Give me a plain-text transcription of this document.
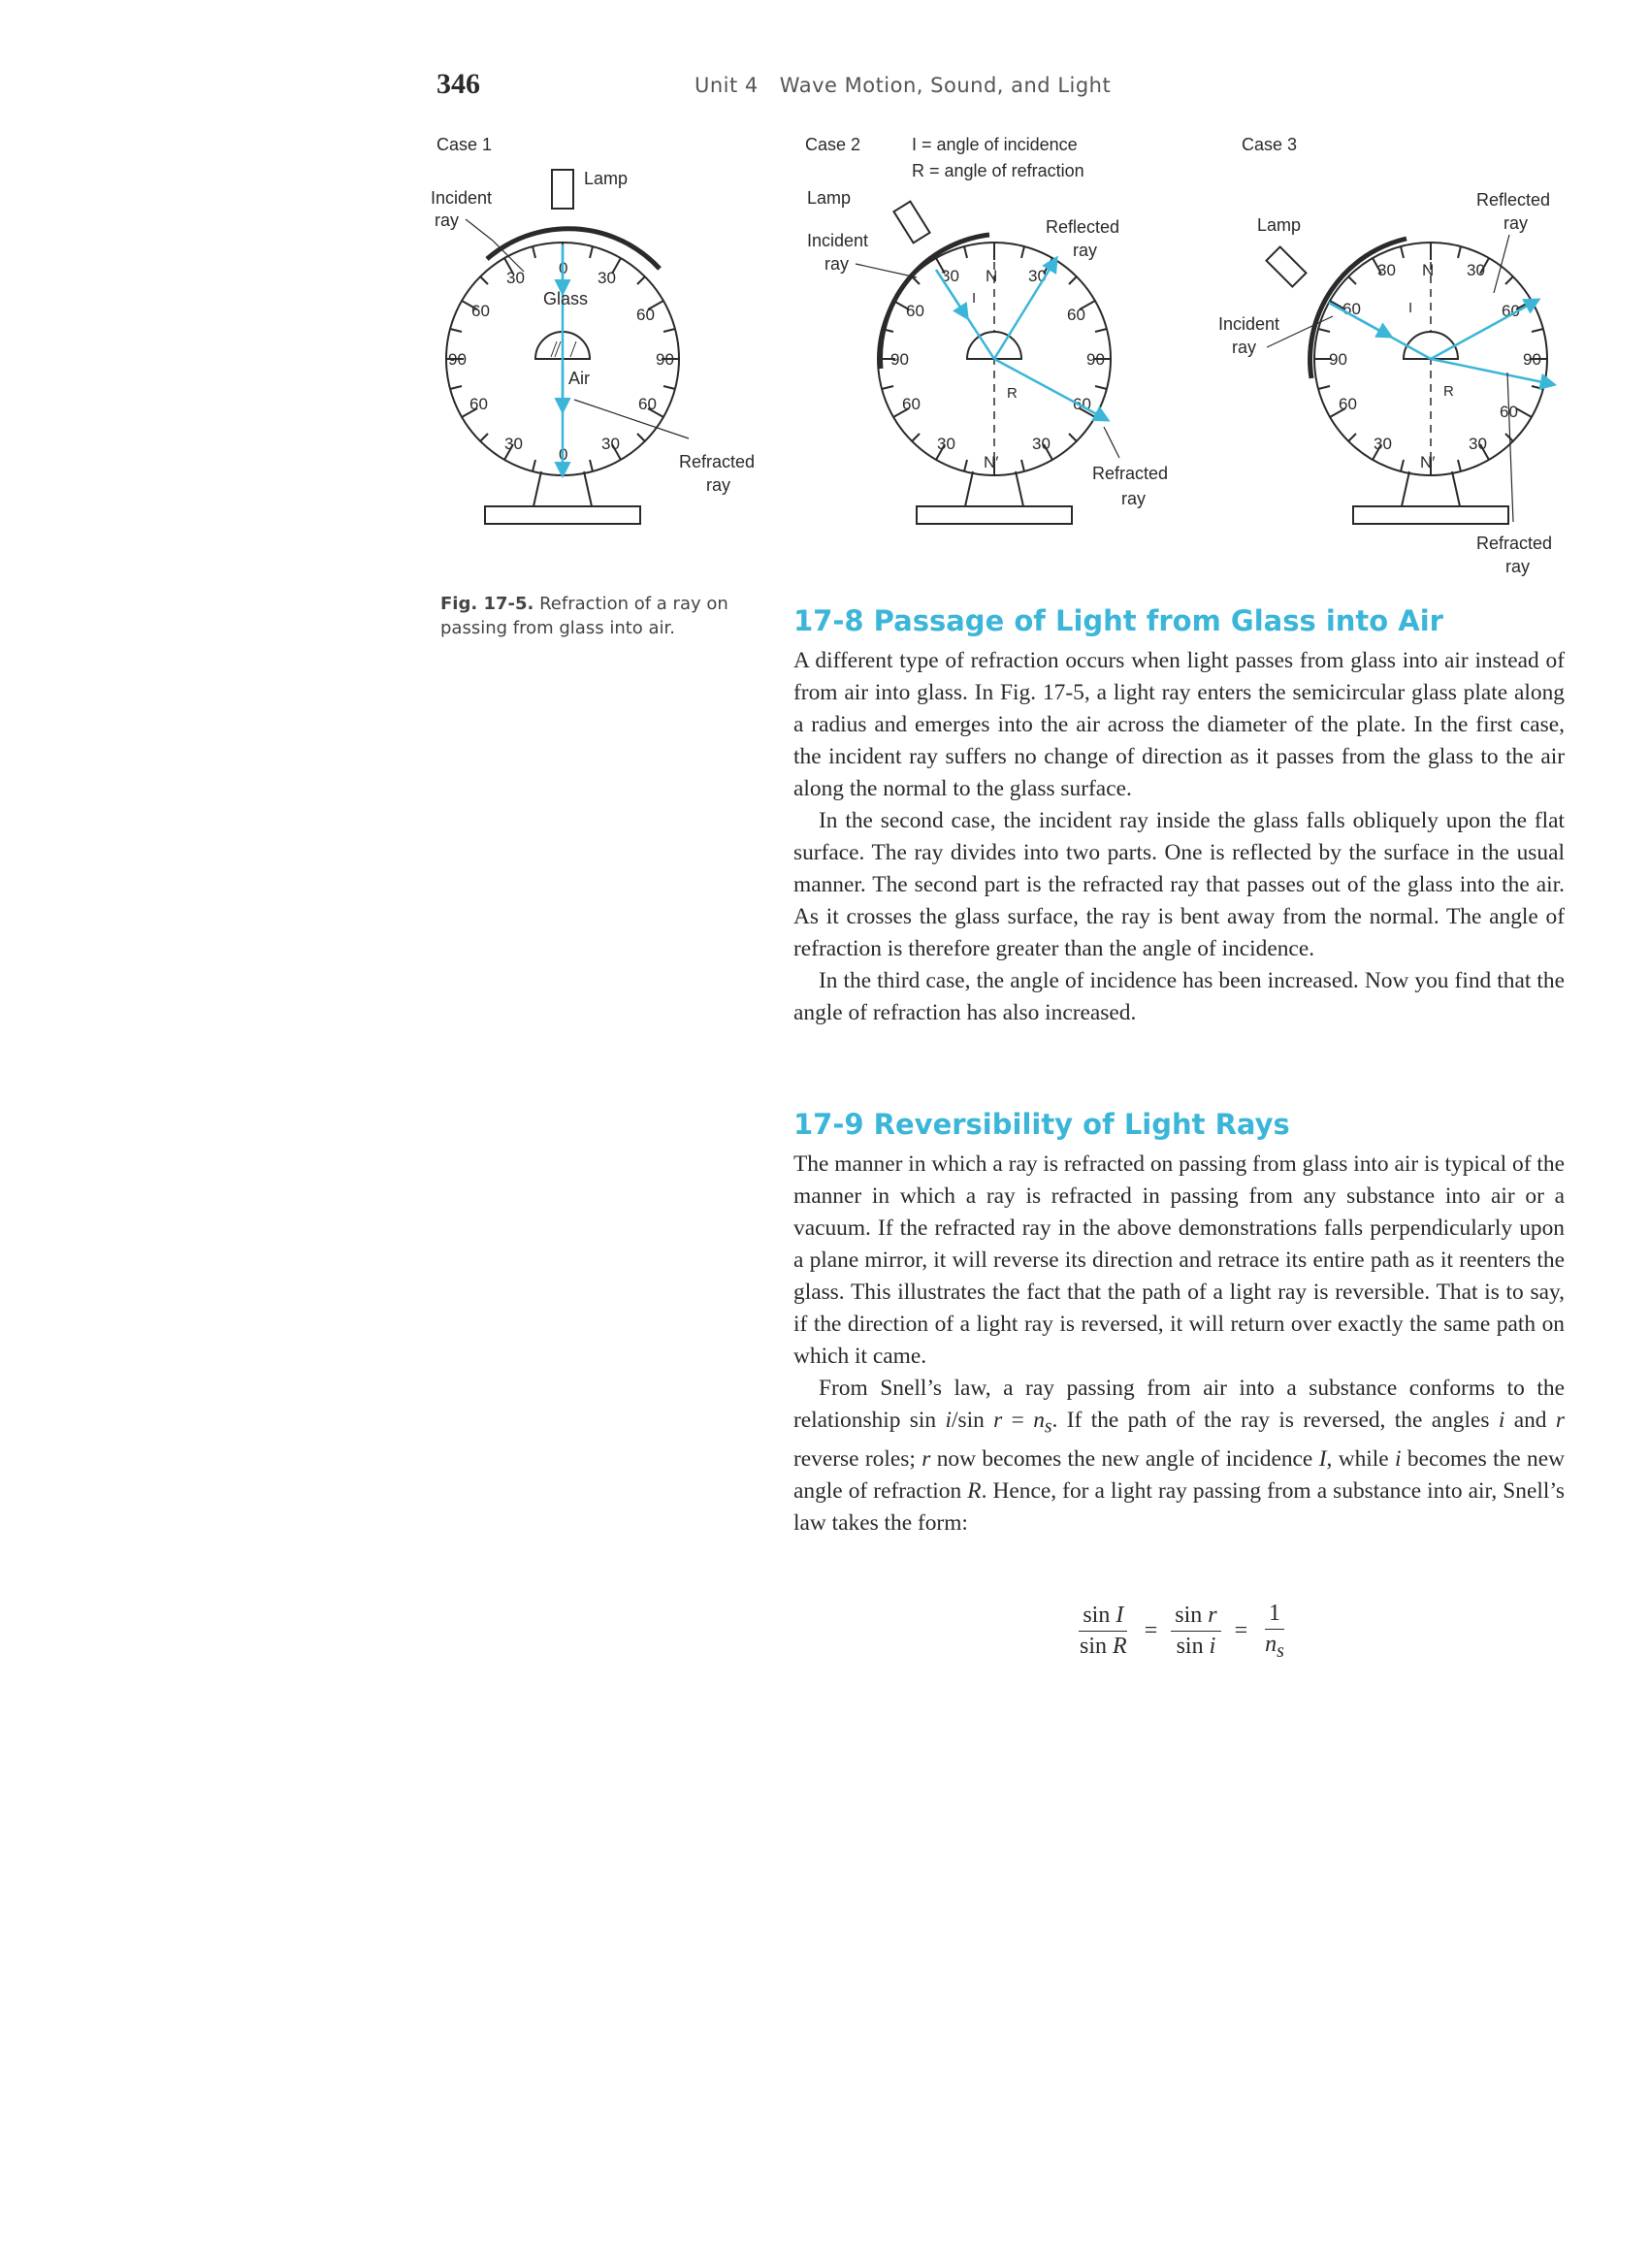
346	Unit 4 Wave Motion, Sound, and Light
Case 1
0
0
30	30
60	60
90	90
60	60
30	30
Lamp
Incident
ray
Glass
Air
Refracted
ray
Case 2	I = angle of incidence
R = angle of refraction
30	30
60	60
90	90
60	60
30	30
N
N′
I
R
Lamp
Incident
ray
Reflected
ray
Refracted
ray
Case 3
30	30
60	60
90	90
60	60
30	30
N
N′
I
R
Lamp
Incident
ray
Reflected
ray
Refracted
ray
Fig. 17-5. Refraction of a ray on passing from glass into air.	17-8 Passage of Light from Glass into Air

A different type of refraction occurs when light passes from glass into air instead of from air into glass. In Fig. 17-5, a light ray enters the semicircular glass plate along a radius and emerges into the air across the diameter of the plate. In the first case, the incident ray suffers no change of direction as it passes from the glass to the air along the normal to the glass surface.

In the second case, the incident ray inside the glass falls obliquely upon the flat surface. The ray divides into two parts. One is reflected by the surface in the usual manner. The second part is the refracted ray that passes out of the glass into the air. As it crosses the glass surface, the ray is bent away from the normal. The angle of refraction is therefore greater than the angle of incidence.

In the third case, the angle of incidence has been increased. Now you find that the angle of refraction has also increased.

17-9 Reversibility of Light Rays

The manner in which a ray is refracted on passing from glass into air is typical of the manner in which a ray is refracted in passing from any substance into air or a vacuum. If the refracted ray in the above demonstrations falls perpendicularly upon a plane mirror, it will reverse its direction and retrace its entire path as it reenters the glass. This illustrates the fact that the path of a light ray is reversible. That is to say, if the direction of a light ray is reversed, it will return over exactly the same path on which it came.

From Snell’s law, a ray passing from air into a substance conforms to the relationship sin i/sin $r = n_s$. If the path of the ray is reversed, the angles i and r reverse roles; r now becomes the new angle of incidence I, while i becomes the new angle of refraction R. Hence, for a light ray passing from a substance into air, Snell’s law takes the form:

$\frac{\text{sin I}}{\text{sin R}} = \frac{\text{sin r}}{\text{sin i}} = \frac{1}{n_s}$
